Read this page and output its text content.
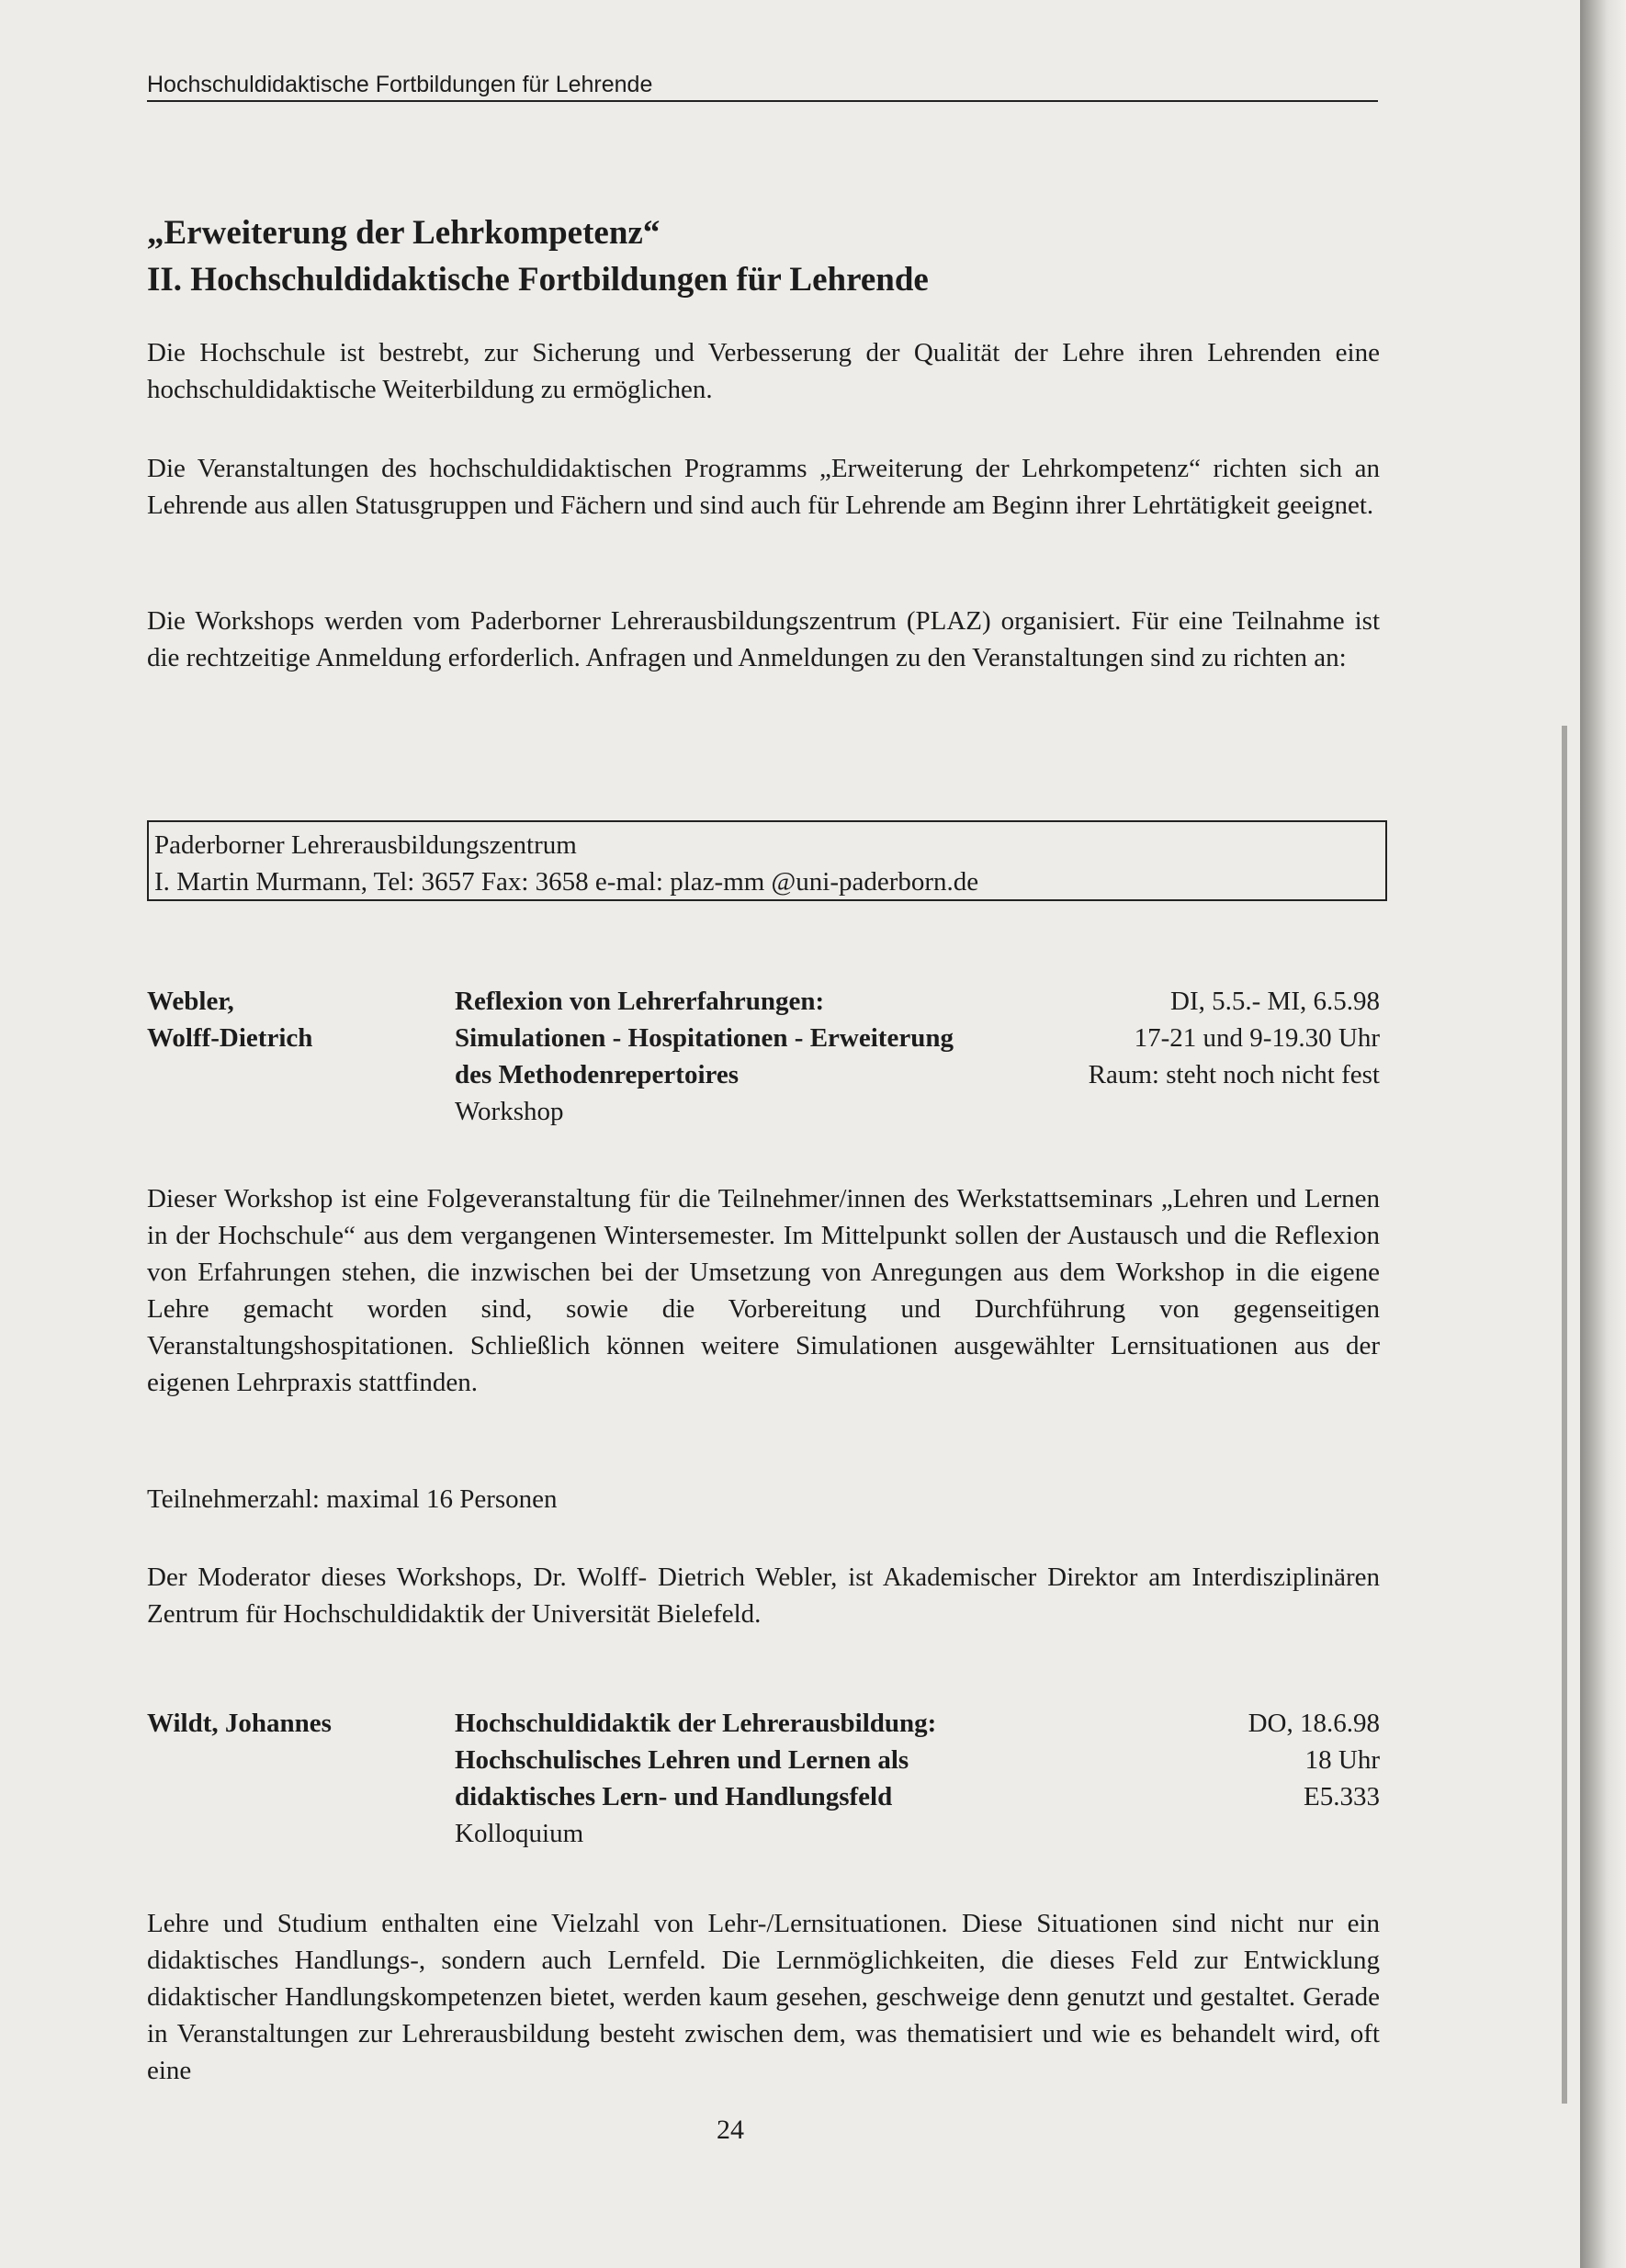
Hochschuldidaktische Fortbildungen für Lehrende
„Erweiterung der Lehrkompetenz“
II. Hochschuldidaktische Fortbildungen für Lehrende

Die Hochschule ist bestrebt, zur Sicherung und Verbesserung der Qualität der Lehre ihren Lehrenden eine hochschuldidaktische Weiterbildung zu ermöglichen.

Die Veranstaltungen des hochschuldidaktischen Programms „Erweiterung der Lehrkompetenz“ richten sich an Lehrende aus allen Statusgruppen und Fächern und sind auch für Lehrende am Beginn ihrer Lehrtätigkeit geeignet.

Die Workshops werden vom Paderborner Lehrerausbildungszentrum (PLAZ) organisiert. Für eine Teilnahme ist die rechtzeitige Anmeldung erforderlich. Anfragen und Anmeldungen zu den Veranstaltungen sind zu richten an:

Paderborner Lehrerausbildungszentrum
I. Martin Murmann, Tel: 3657 Fax: 3658 e-mal: plaz-mm @uni-paderborn.de
Webler,
Wolff-Dietrich
Reflexion von Lehrerfahrungen:
Simulationen - Hospitationen - Erweiterung
des Methodenrepertoires
Workshop
DI, 5.5.- MI, 6.5.98
17-21 und 9-19.30 Uhr
Raum: steht noch nicht fest

Dieser Workshop ist eine Folgeveranstaltung für die Teilnehmer/innen des Werkstattseminars „Lehren und Lernen in der Hochschule“ aus dem vergangenen Wintersemester. Im Mittelpunkt sollen der Austausch und die Reflexion von Erfahrungen stehen, die inzwischen bei der Umsetzung von Anregungen aus dem Workshop in die eigene Lehre gemacht worden sind, sowie die Vorbereitung und Durchführung von gegenseitigen Veranstaltungshospitationen. Schließlich können weitere Simulationen ausgewählter Lernsituationen aus der eigenen Lehrpraxis stattfinden.

Teilnehmerzahl: maximal 16 Personen

Der Moderator dieses Workshops, Dr. Wolff- Dietrich Webler, ist Akademischer Direktor am Interdisziplinären Zentrum für Hochschuldidaktik der Universität Bielefeld.

Wildt, Johannes	Hochschuldidaktik der Lehrerausbildung:
Hochschulisches Lehren und Lernen als
didaktisches Lern- und Handlungsfeld
Kolloquium
DO, 18.6.98
18 Uhr
E5.333

Lehre und Studium enthalten eine Vielzahl von Lehr-/Lernsituationen. Diese Situationen sind nicht nur ein didaktisches Handlungs-, sondern auch Lernfeld. Die Lernmöglichkeiten, die dieses Feld zur Entwicklung didaktischer Handlungskompetenzen bietet, werden kaum gesehen, geschweige denn genutzt und gestaltet. Gerade in Veranstaltungen zur Lehrerausbildung besteht zwischen dem, was thematisiert und wie es behandelt wird, oft eine

24
